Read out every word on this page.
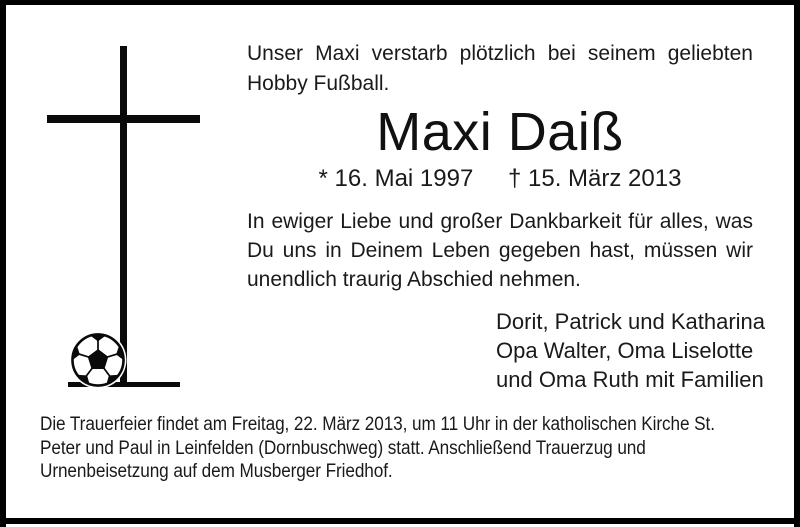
Unser Maxi verstarb plötzlich bei seinem geliebten Hobby Fußball.
Maxi Daiß
* 16. Mai 1997 † 15. März 2013
In ewiger Liebe und großer Dankbarkeit für alles, was Du uns in Deinem Leben gegeben hast, müssen wir unendlich traurig Abschied nehmen.
Dorit, Patrick und Katharina
Opa Walter, Oma Liselotte
und Oma Ruth mit Familien
Die Trauerfeier findet am Freitag, 22. März 2013, um 11 Uhr in der katholischen Kirche St. Peter und Paul in Leinfelden (Dornbuschweg) statt. Anschließend Trauerzug und Urnenbeisetzung auf dem Musberger Friedhof.
